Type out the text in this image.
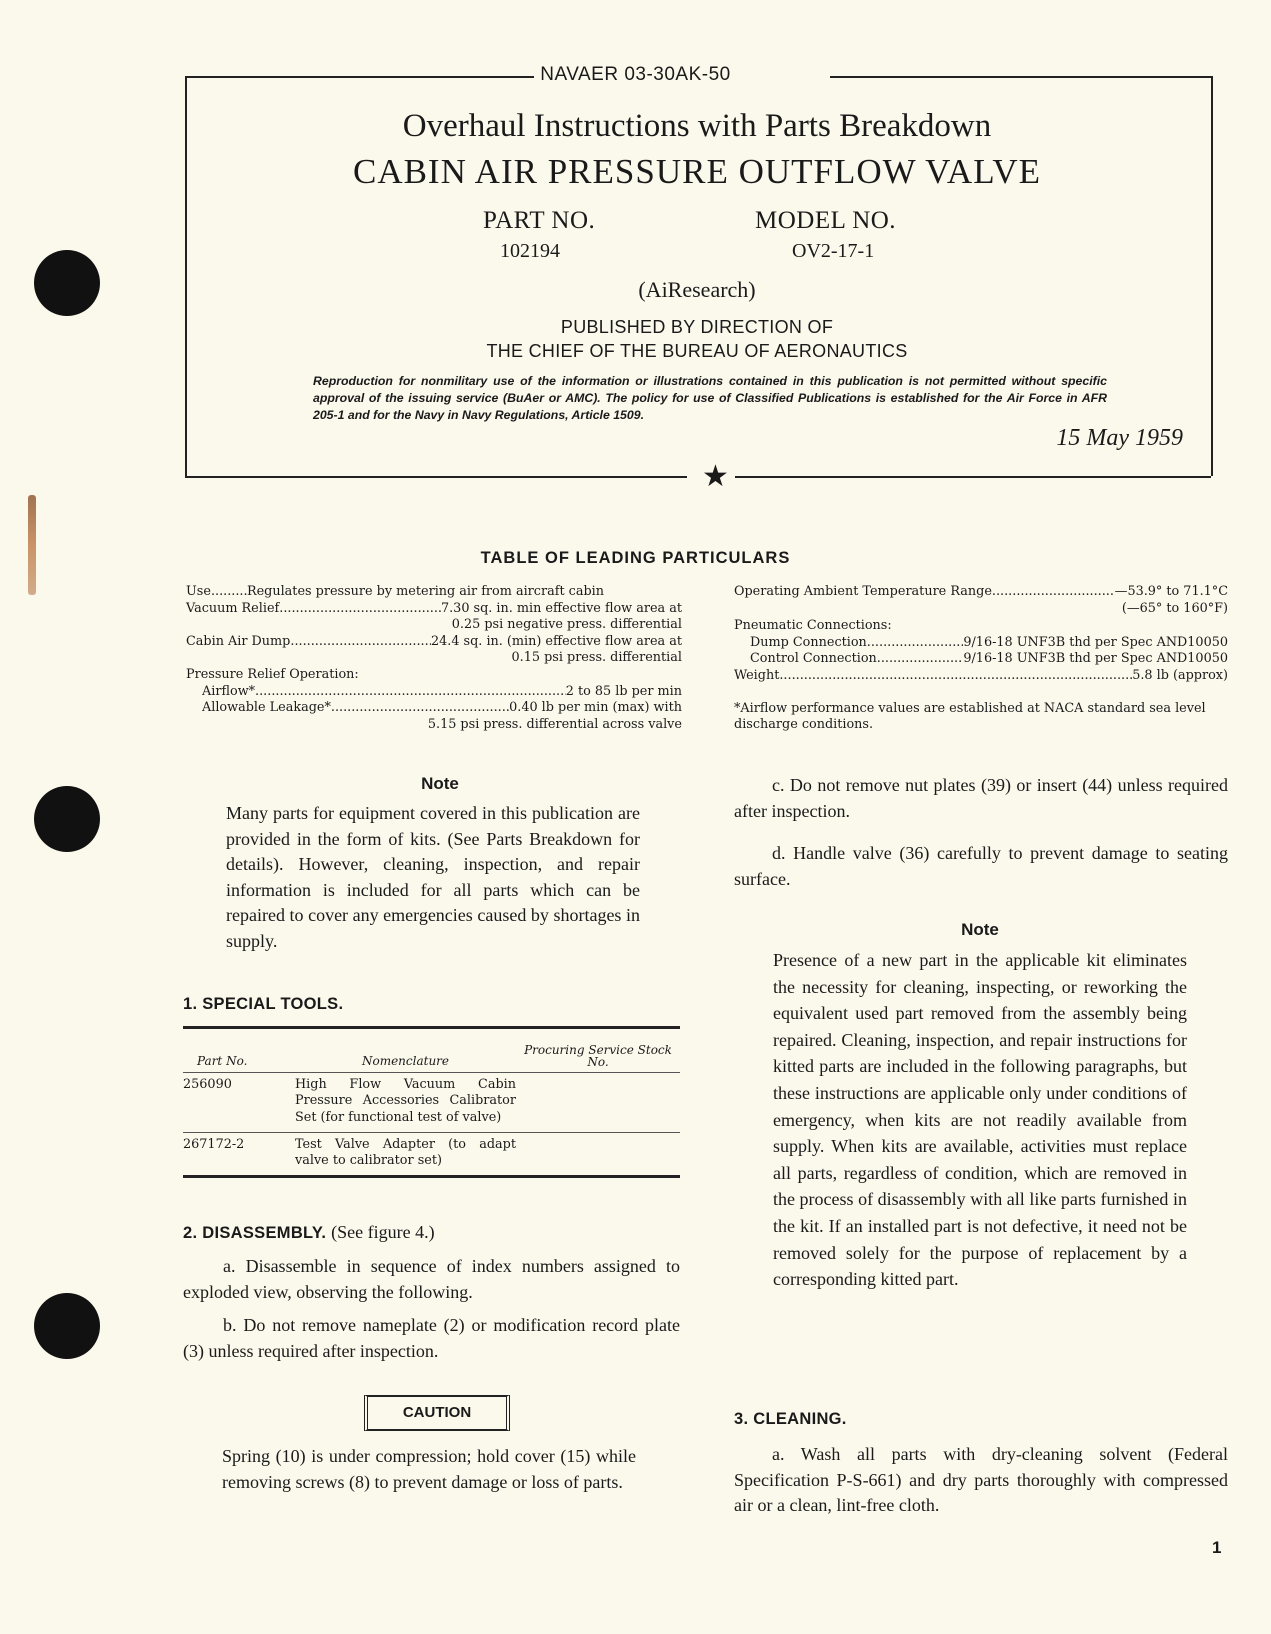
NAVAER 03-30AK-50
Overhaul Instructions with Parts Breakdown
CABIN AIR PRESSURE OUTFLOW VALVE
PART NO.
102194
MODEL NO.
OV2-17-1
(AiResearch)
PUBLISHED BY DIRECTION OF
THE CHIEF OF THE BUREAU OF AERONAUTICS
Reproduction for nonmilitary use of the information or illustrations contained in this publication is not permitted without specific approval of the issuing service (BuAer or AMC). The policy for use of Classified Publications is established for the Air Force in AFR 205-1 and for the Navy in Navy Regulations, Article 1509.
15 May 1959
★
TABLE OF LEADING PARTICULARS
Use .....	Regulates pressure by metering air from aircraft cabin
Vacuum Relief .....	7.30 sq. in. min effective flow area at
0.25 psi negative press. differential
Cabin Air Dump .....	24.4 sq. in. (min) effective flow area at
0.15 psi press. differential
Pressure Relief Operation:
Airflow* .....	2 to 85 lb per min
Allowable Leakage* .....	0.40 lb per min (max) with
5.15 psi press. differential across valve
Operating Ambient Temperature Range .....	—53.9° to 71.1°C
(—65° to 160°F)
Pneumatic Connections:
Dump Connection .....	9/16-18 UNF3B thd per Spec AND10050
Control Connection .....	9/16-18 UNF3B thd per Spec AND10050
Weight .....	5.8 lb (approx)
*Airflow performance values are established at NACA standard sea level discharge conditions.
Note
Many parts for equipment covered in this publication are provided in the form of kits. (See Parts Breakdown for details). However, cleaning, inspection, and repair information is included for all parts which can be repaired to cover any emergencies caused by shortages in supply.
1. SPECIAL TOOLS.
Part No.	Nomenclature
Procuring Service Stock No.
256090	High Flow Vacuum Cabin Pressure Accessories Calibrator Set (for functional test of valve)
267172-2	Test Valve Adapter (to adapt valve to calibrator set)
2. DISASSEMBLY. (See figure 4.)
a. Disassemble in sequence of index numbers assigned to exploded view, observing the following.
b. Do not remove nameplate (2) or modification record plate (3) unless required after inspection.
CAUTION
Spring (10) is under compression; hold cover (15) while removing screws (8) to prevent damage or loss of parts.
c. Do not remove nut plates (39) or insert (44) unless required after inspection.
d. Handle valve (36) carefully to prevent damage to seating surface.
Note
Presence of a new part in the applicable kit eliminates the necessity for cleaning, inspecting, or reworking the equivalent used part removed from the assembly being repaired. Cleaning, inspection, and repair instructions for kitted parts are included in the following paragraphs, but these instructions are applicable only under conditions of emergency, when kits are not readily available from supply. When kits are available, activities must replace all parts, regardless of condition, which are removed in the process of disassembly with all like parts furnished in the kit. If an installed part is not defective, it need not be removed solely for the purpose of replacement by a corresponding kitted part.
3. CLEANING.
a. Wash all parts with dry-cleaning solvent (Federal Specification P-S-661) and dry parts thoroughly with compressed air or a clean, lint-free cloth.
1
